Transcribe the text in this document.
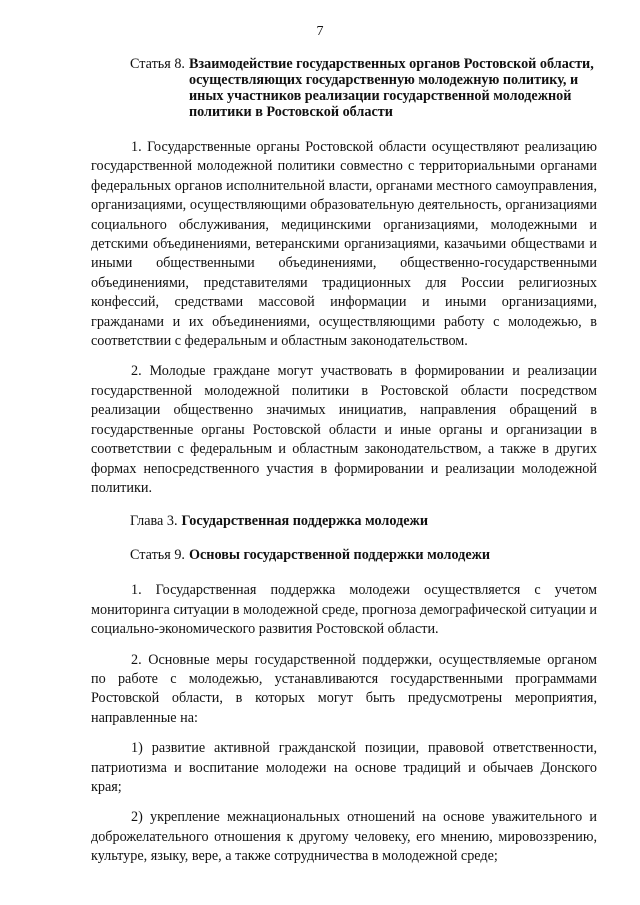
7
Статья 8. Взаимодействие государственных органов Ростовской области, осуществляющих государственную молодежную политику, и иных участников реализации государственной молодежной политики в Ростовской области

1. Государственные органы Ростовской области осуществляют реализацию государственной молодежной политики совместно с территориальными органами федеральных органов исполнительной власти, органами местного самоуправления, организациями, осуществляющими образовательную деятельность, организациями социального обслуживания, медицинскими организациями, молодежными и детскими объединениями, ветеранскими организациями, казачьими обществами и иными общественными объединениями, общественно-государственными объединениями, представителями традиционных для России религиозных конфессий, средствами массовой информации и иными организациями, гражданами и их объединениями, осуществляющими работу с молодежью, в соответствии с федеральным и областным законодательством.

2. Молодые граждане могут участвовать в формировании и реализации государственной молодежной политики в Ростовской области посредством реализации общественно значимых инициатив, направления обращений в государственные органы Ростовской области и иные органы и организации в соответствии с федеральным и областным законодательством, а также в других формах непосредственного участия в формировании и реализации молодежной политики.

Глава 3. Государственная поддержка молодежи
Статья 9. Основы государственной поддержки молодежи

1. Государственная поддержка молодежи осуществляется с учетом мониторинга ситуации в молодежной среде, прогноза демографической ситуации и социально-экономического развития Ростовской области.

2. Основные меры государственной поддержки, осуществляемые органом по работе с молодежью, устанавливаются государственными программами Ростовской области, в которых могут быть предусмотрены мероприятия, направленные на:

1) развитие активной гражданской позиции, правовой ответственности, патриотизма и воспитание молодежи на основе традиций и обычаев Донского края;

2) укрепление межнациональных отношений на основе уважительного и доброжелательного отношения к другому человеку, его мнению, мировоззрению, культуре, языку, вере, а также сотрудничества в молодежной среде;
